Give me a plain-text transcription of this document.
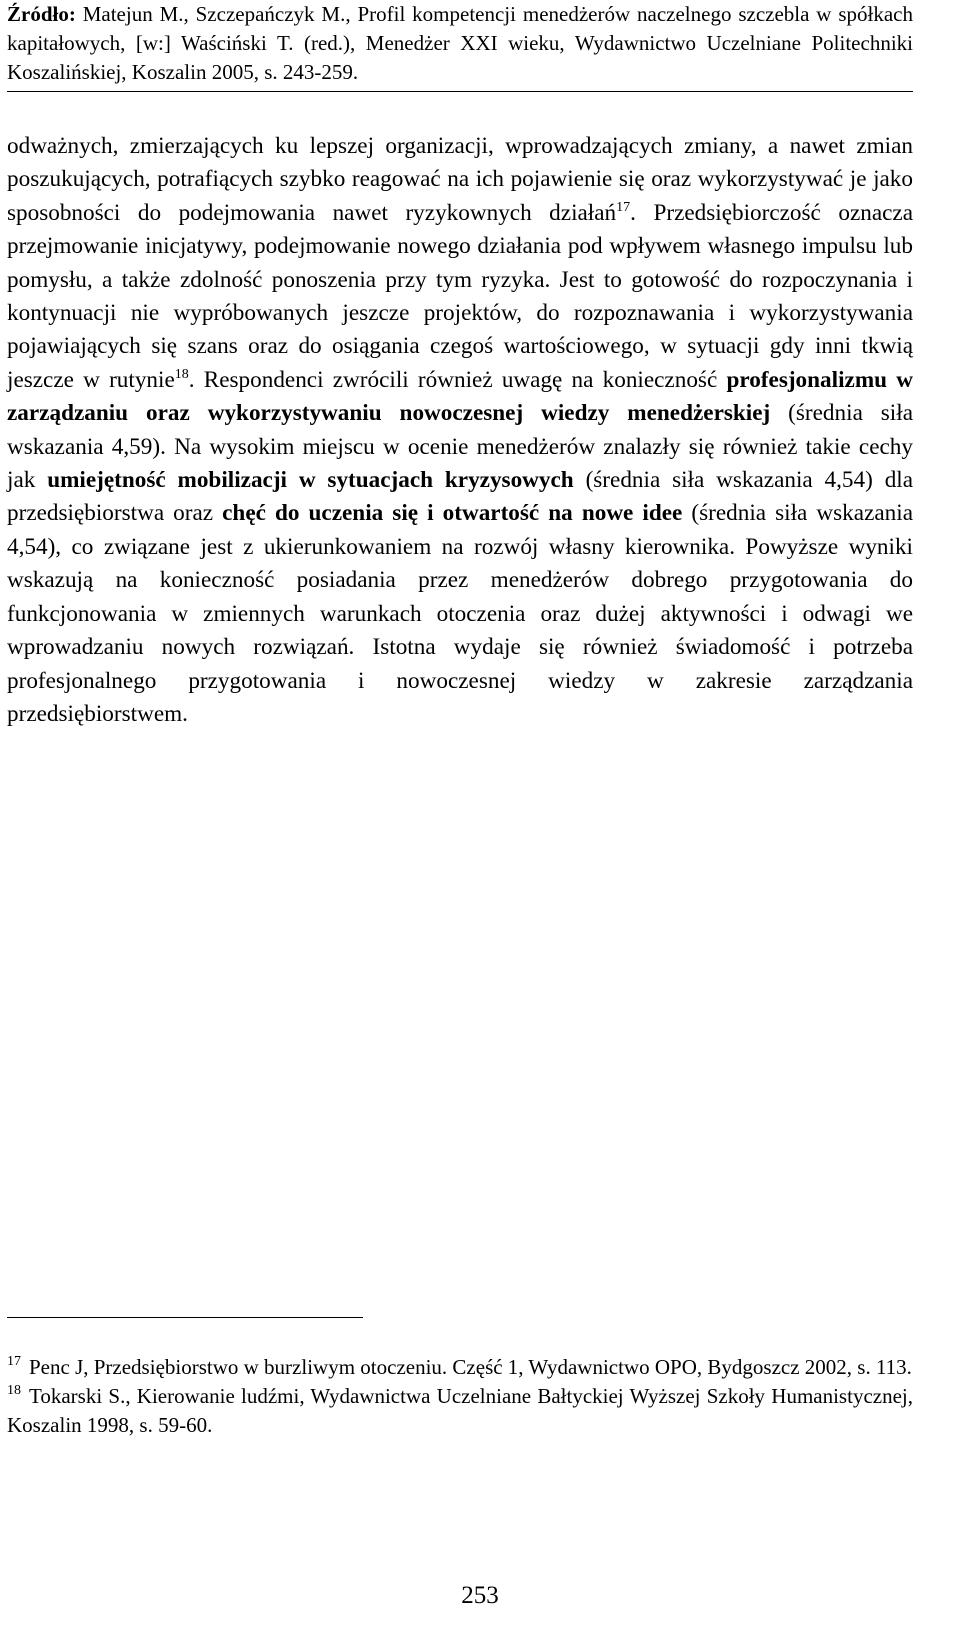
Źródło: Matejun M., Szczepańczyk M., Profil kompetencji menedżerów naczelnego szczebla w spółkach kapitałowych, [w:] Waściński T. (red.), Menedżer XXI wieku, Wydawnictwo Uczelniane Politechniki Koszalińskiej, Koszalin 2005, s. 243-259.
odważnych, zmierzających ku lepszej organizacji, wprowadzających zmiany, a nawet zmian poszukujących, potrafiących szybko reagować na ich pojawienie się oraz wykorzystywać je jako sposobności do podejmowania nawet ryzykownych działań$^{17}$. Przedsiębiorczość oznacza przejmowanie inicjatywy, podejmowanie nowego działania pod wpływem własnego impulsu lub pomysłu, a także zdolność ponoszenia przy tym ryzyka. Jest to gotowość do rozpoczynania i kontynuacji nie wypróbowanych jeszcze projektów, do rozpoznawania i wykorzystywania pojawiających się szans oraz do osiągania czegoś wartościowego, w sytuacji gdy inni tkwią jeszcze w rutynie$^{18}$. Respondenci zwrócili również uwagę na konieczność profesjonalizmu w zarządzaniu oraz wykorzystywaniu nowoczesnej wiedzy menedżerskiej (średnia siła wskazania 4,59). Na wysokim miejscu w ocenie menedżerów znalazły się również takie cechy jak umiejętność mobilizacji w sytuacjach kryzysowych (średnia siła wskazania 4,54) dla przedsiębiorstwa oraz chęć do uczenia się i otwartość na nowe idee (średnia siła wskazania 4,54), co związane jest z ukierunkowaniem na rozwój własny kierownika. Powyższe wyniki wskazują na konieczność posiadania przez menedżerów dobrego przygotowania do funkcjonowania w zmiennych warunkach otoczenia oraz dużej aktywności i odwagi we wprowadzaniu nowych rozwiązań. Istotna wydaje się również świadomość i potrzeba profesjonalnego przygotowania i nowoczesnej wiedzy w zakresie zarządzania przedsiębiorstwem.

$^{17}$ Penc J, Przedsiębiorstwo w burzliwym otoczeniu. Część 1, Wydawnictwo OPO, Bydgoszcz 2002, s. 113.

$^{18}$ Tokarski S., Kierowanie ludźmi, Wydawnictwa Uczelniane Bałtyckiej Wyższej Szkoły Humanistycznej, Koszalin 1998, s. 59-60.

253
